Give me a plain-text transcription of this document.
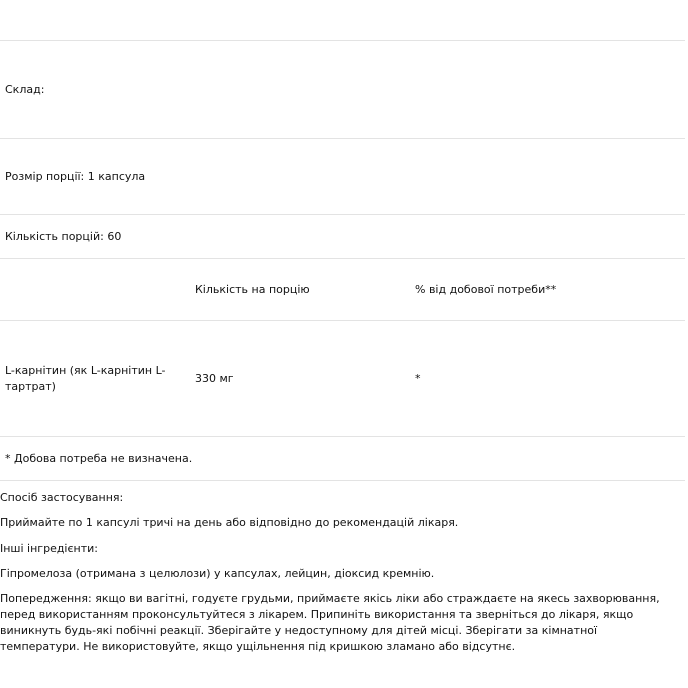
Склад:		
Розмір порції: 1 капсула		
Кількість порцій: 60		
	Кількість на порцію	% від добової потреби**
L-карнітин (як L-карнітин L-тартрат)	330 мг	*
* Добова потреба не визначена.		

Спосіб застосування:

Приймайте по 1 капсулі тричі на день або відповідно до рекомендацій лікаря.

Інші інгредієнти:

Гіпромелоза (отримана з целюлози) у капсулах, лейцин, діоксид кремнію.

Попередження: якщо ви вагітні, годуєте грудьми, приймаєте якісь ліки або страждаєте на якесь захворювання, перед використанням проконсультуйтеся з лікарем. Припиніть використання та зверніться до лікаря, якщо виникнуть будь-які побічні реакції. Зберігайте у недоступному для дітей місці. Зберігати за кімнатної температури. Не використовуйте, якщо ущільнення під кришкою зламано або відсутнє.
